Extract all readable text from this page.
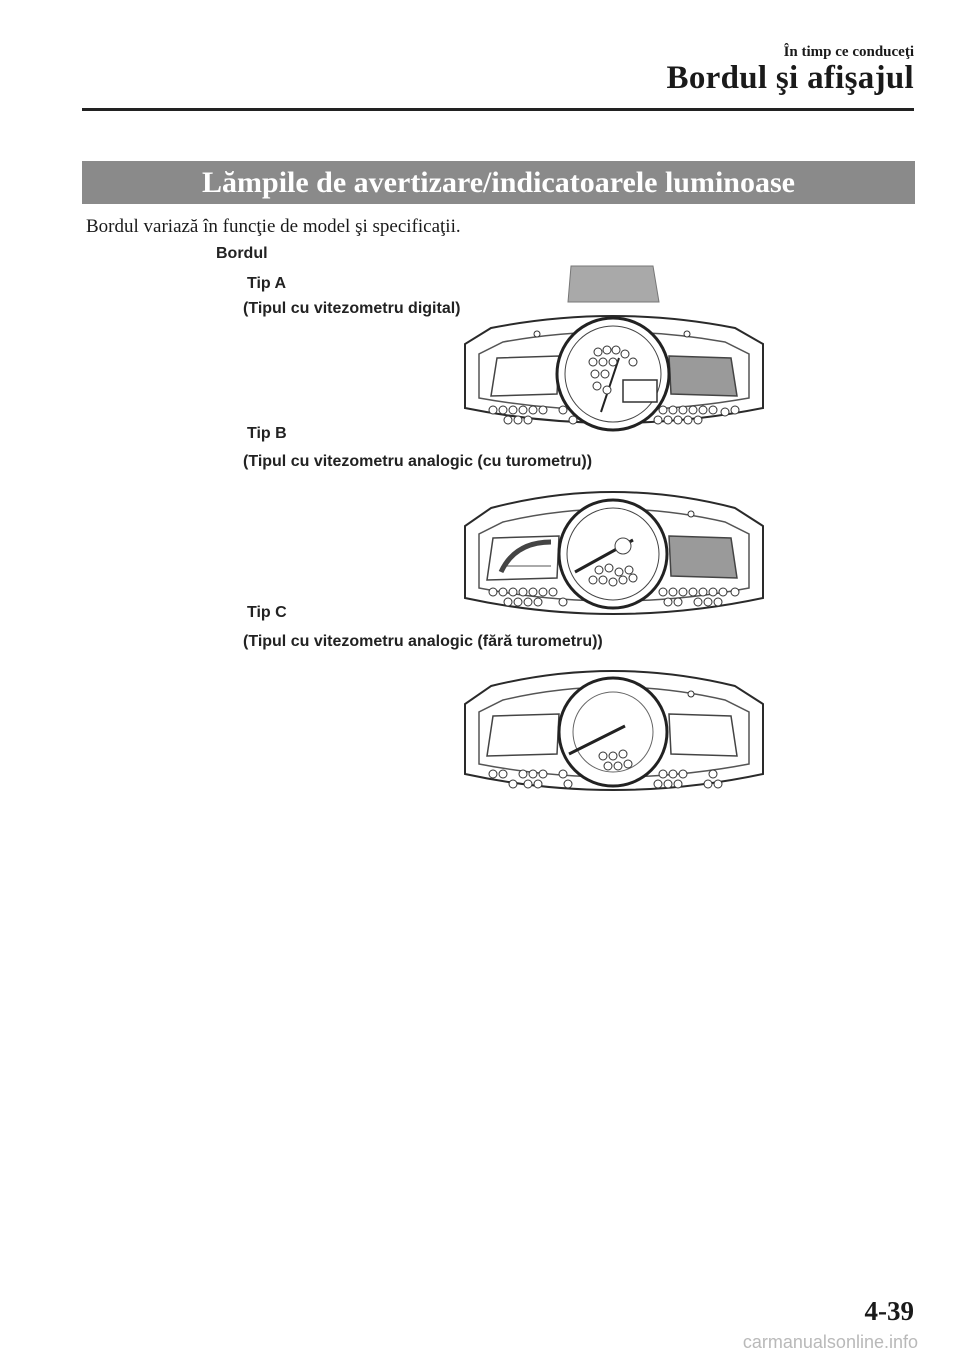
În timp ce conduceţi
Bordul şi afişajul
Lămpile de avertizare/indicatoarele luminoase
Bordul variază în funcţie de model şi specificaţii.
Bordul
Tip A
(Tipul cu vitezometru digital)
Tip B
(Tipul cu vitezometru analogic (cu turometru))
Tip C
(Tipul cu vitezometru analogic (fără turometru))
4-39
carmanualsonline.info
